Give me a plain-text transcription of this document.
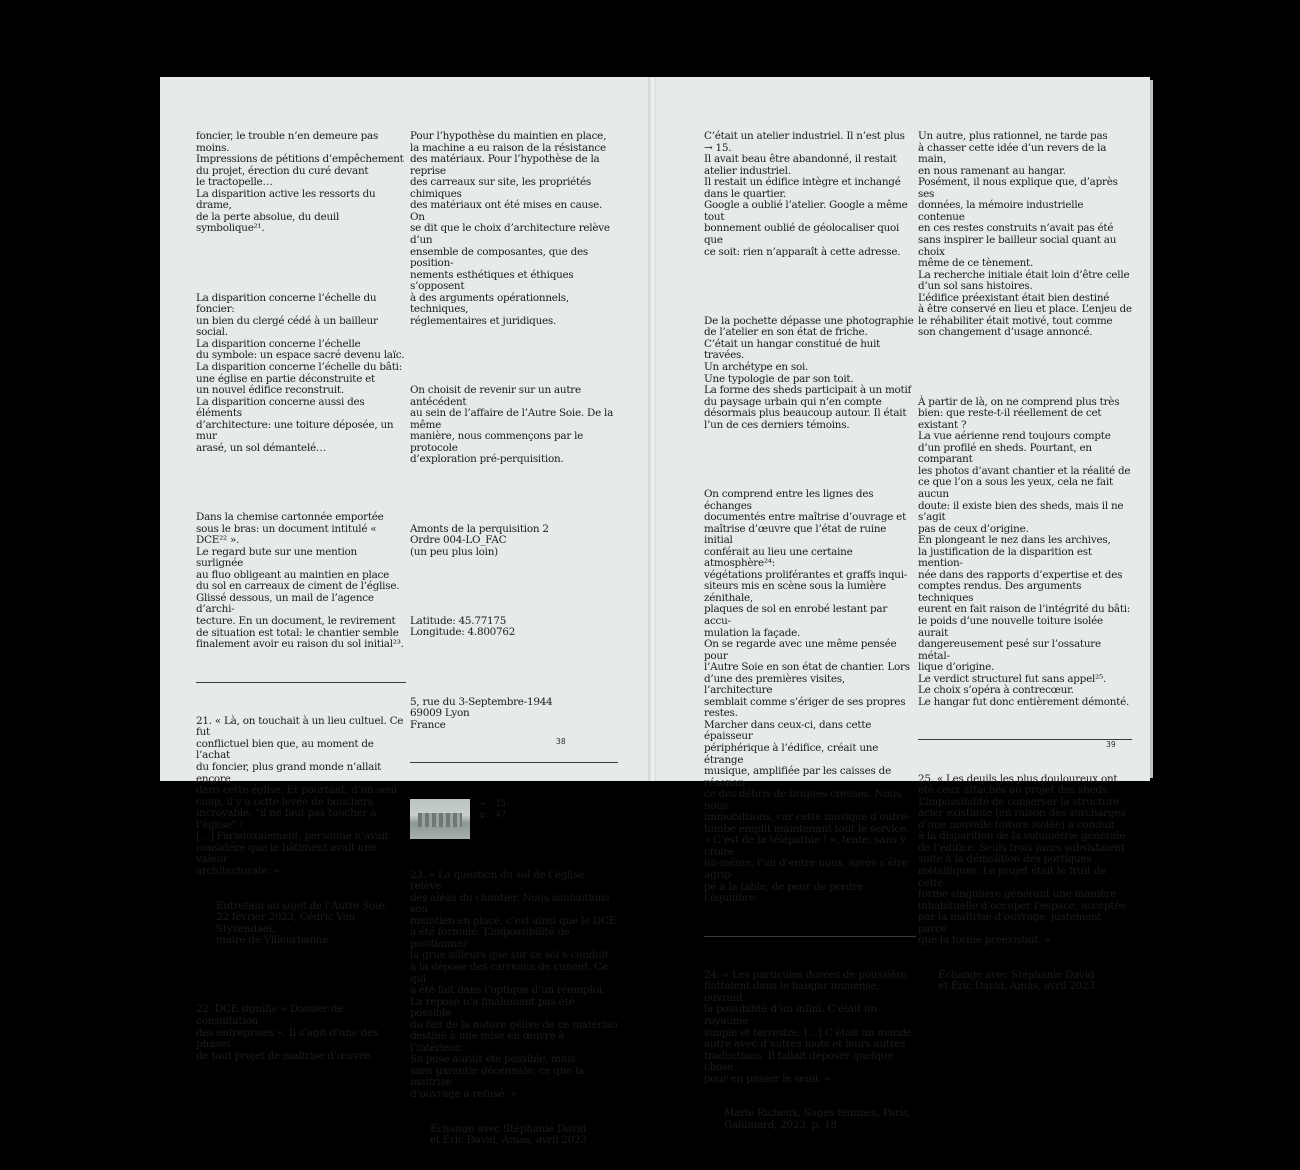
foncier, le trouble n’en demeure pas moins.
Impressions de pétitions d’empêchement
du projet, érection du curé devant
le tractopelle…
La disparition active les ressorts du drame,
de la perte absolue, du deuil symbolique²¹.

La disparition concerne l’échelle du foncier:
un bien du clergé cédé à un bailleur social.
La disparition concerne l’échelle
du symbole: un espace sacré devenu laïc.
La disparition concerne l’échelle du bâti:
une église en partie déconstruite et
un nouvel édifice reconstruit.
La disparition concerne aussi des éléments
d’architecture: une toiture déposée, un mur
arasé, un sol démantelé…

Dans la chemise cartonnée emportée
sous le bras: un document intitulé « DCE²² ».
Le regard bute sur une mention surlignée
au fluo obligeant au maintien en place
du sol en carreaux de ciment de l’église.
Glissé dessous, un mail de l’agence d’archi-
tecture. En un document, le revirement
de situation est total: le chantier semble
finalement avoir eu raison du sol initial²³.

21. « Là, on touchait à un lieu cultuel. Ce fut
conflictuel bien que, au moment de l’achat
du foncier, plus grand monde n’allait encore
dans cette église. Et pourtant, d’un seul
coup, il y a cette levée de boucliers
incroyable: “il ne faut pas toucher à l’église” !
[…] Paradoxalement, personne n’avait
considéré que le bâtiment avait une valeur
architecturale. »

Entretien au sujet de l’Autre Soie,
22 février 2023, Cédric Van Styvendael,
maire de Villeurbanne

22. DCE signifie « Dossier de consultation
des entreprises ». Il s’agit d’une des phases
de tout projet de maîtrise d’œuvre.

Pour l’hypothèse du maintien en place,
la machine a eu raison de la résistance
des matériaux. Pour l’hypothèse de la reprise
des carreaux sur site, les propriétés chimiques
des matériaux ont été mises en cause. On
se dit que le choix d’architecture relève d’un
ensemble de composantes, que des position-
nements esthétiques et éthiques s’opposent
à des arguments opérationnels, techniques,
réglementaires et juridiques.

On choisit de revenir sur un autre antécédent
au sein de l’affaire de l’Autre Soie. De la même
manière, nous commençons par le protocole
d’exploration pré-perquisition.

Amonts de la perquisition 2
Ordre 004-LO_FAC
(un peu plus loin)

Latitude: 45.77175
Longitude: 4.800762

5, rue du 3-Septembre-1944
69009 Lyon
France

→  15.
p. 47

23. « La question du sol de l’église relève
des aléas du chantier. Nous souhaitions son
maintien en place, c’est ainsi que le DCE
a été formulé. L’impossibilité de positionner
la grue ailleurs que sur ce sol a conduit
à la dépose des carreaux de ciment. Ce qui
a été fait dans l’optique d’un réemploi.
La repose n’a finalement pas été possible
du fait de la nature gélive de ce matériau
destiné à une mise en œuvre à l’intérieur.
Sa pose aurait été possible, mais
sans garantie décennale, ce que la maîtrise
d’ouvrage a refusé. »

Échange avec Stéphanie David
et Éric David, Amas, avril 2023

38

C’était un atelier industriel. Il n’est plus → 15.
Il avait beau être abandonné, il restait
atelier industriel.
Il restait un édifice intègre et inchangé
dans le quartier.
Google a oublié l’atelier. Google a même tout
bonnement oublié de géolocaliser quoi que
ce soit: rien n’apparaît à cette adresse.

De la pochette dépasse une photographie
de l’atelier en son état de friche.
C’était un hangar constitué de huit travées.
Un archétype en soi.
Une typologie de par son toit.
La forme des sheds participait à un motif
du paysage urbain qui n’en compte
désormais plus beaucoup autour. Il était
l’un de ces derniers témoins.

On comprend entre les lignes des échanges
documentés entre maîtrise d’ouvrage et
maîtrise d’œuvre que l’état de ruine initial
conférait au lieu une certaine atmosphère²⁴:
végétations proliférantes et graffs inqui-
siteurs mis en scène sous la lumière zénithale,
plaques de sol en enrobé lestant par accu-
mulation la façade.
On se regarde avec une même pensée pour
l’Autre Soie en son état de chantier. Lors
d’une des premières visites, l’architecture
semblait comme s’ériger de ses propres restes.
Marcher dans ceux-ci, dans cette épaisseur
périphérique à l’édifice, créait une étrange
musique, amplifiée par les caisses de résonan-
ce des débris de briques creuses. Nous nous
immobilisons, car cette musique d’outre-
tombe emplit maintenant tout le service.
« C’est de la télépathie ! », tente, sans y croire
lui-même, l’un d’entre nous, après s’être agrip-
pé à la table, de peur de perdre l’équilibre.

24. « Les particules dorées de poussière
flottaient dans le hangar immense, ouvrant
la possibilité d’un infini. C’était un royaume
simple et terrestre. […] C’était un monde
autre avec d’autres mots et leurs autres
traductions. Il fallait déposer quelque chose
pour en passer le seuil. »

Marie Richeux, Sages femmes, Paris,
Gallimard, 2023, p. 18

Un autre, plus rationnel, ne tarde pas
à chasser cette idée d’un revers de la main,
en nous ramenant au hangar.
Posément, il nous explique que, d’après ses
données, la mémoire industrielle contenue
en ces restes construits n’avait pas été
sans inspirer le bailleur social quant au choix
même de ce tènement.
La recherche initiale était loin d’être celle
d’un sol sans histoires.
L’édifice préexistant était bien destiné
à être conservé en lieu et place. L’enjeu de
le réhabiliter était motivé, tout comme
son changement d’usage annoncé.

À partir de là, on ne comprend plus très
bien: que reste-t-il réellement de cet existant ?
La vue aérienne rend toujours compte
d’un profilé en sheds. Pourtant, en comparant
les photos d’avant chantier et la réalité de
ce que l’on a sous les yeux, cela ne fait aucun
doute: il existe bien des sheds, mais il ne s’agit
pas de ceux d’origine.
En plongeant le nez dans les archives,
la justification de la disparition est mention-
née dans des rapports d’expertise et des
comptes rendus. Des arguments techniques
eurent en fait raison de l’intégrité du bâti:
le poids d’une nouvelle toiture isolée aurait
dangereusement pesé sur l’ossature métal-
lique d’origine.
Le verdict structurel fut sans appel²⁵.
Le choix s’opéra à contrecœur.
Le hangar fut donc entièrement démonté.

25. « Les deuils les plus douloureux ont
été ceux attachés au projet des sheds.
L’impossibilité de conserver la structure
acier existante (en raison des surcharges
d’une nouvelle toiture isolée) a conduit
à la disparition de la volumétrie générale
de l’édifice. Seuls trois murs subsistaient
suite à la démolition des portiques
métalliques. Le projet était le fruit de cette
forme singulière générant une manière
inhabituelle d’occuper l’espace, acceptée
par la maîtrise d’ouvrage, justement parce
que la forme préexistait. »

Échange avec Stéphanie David
et Éric David, Amas, avril 2023

39
